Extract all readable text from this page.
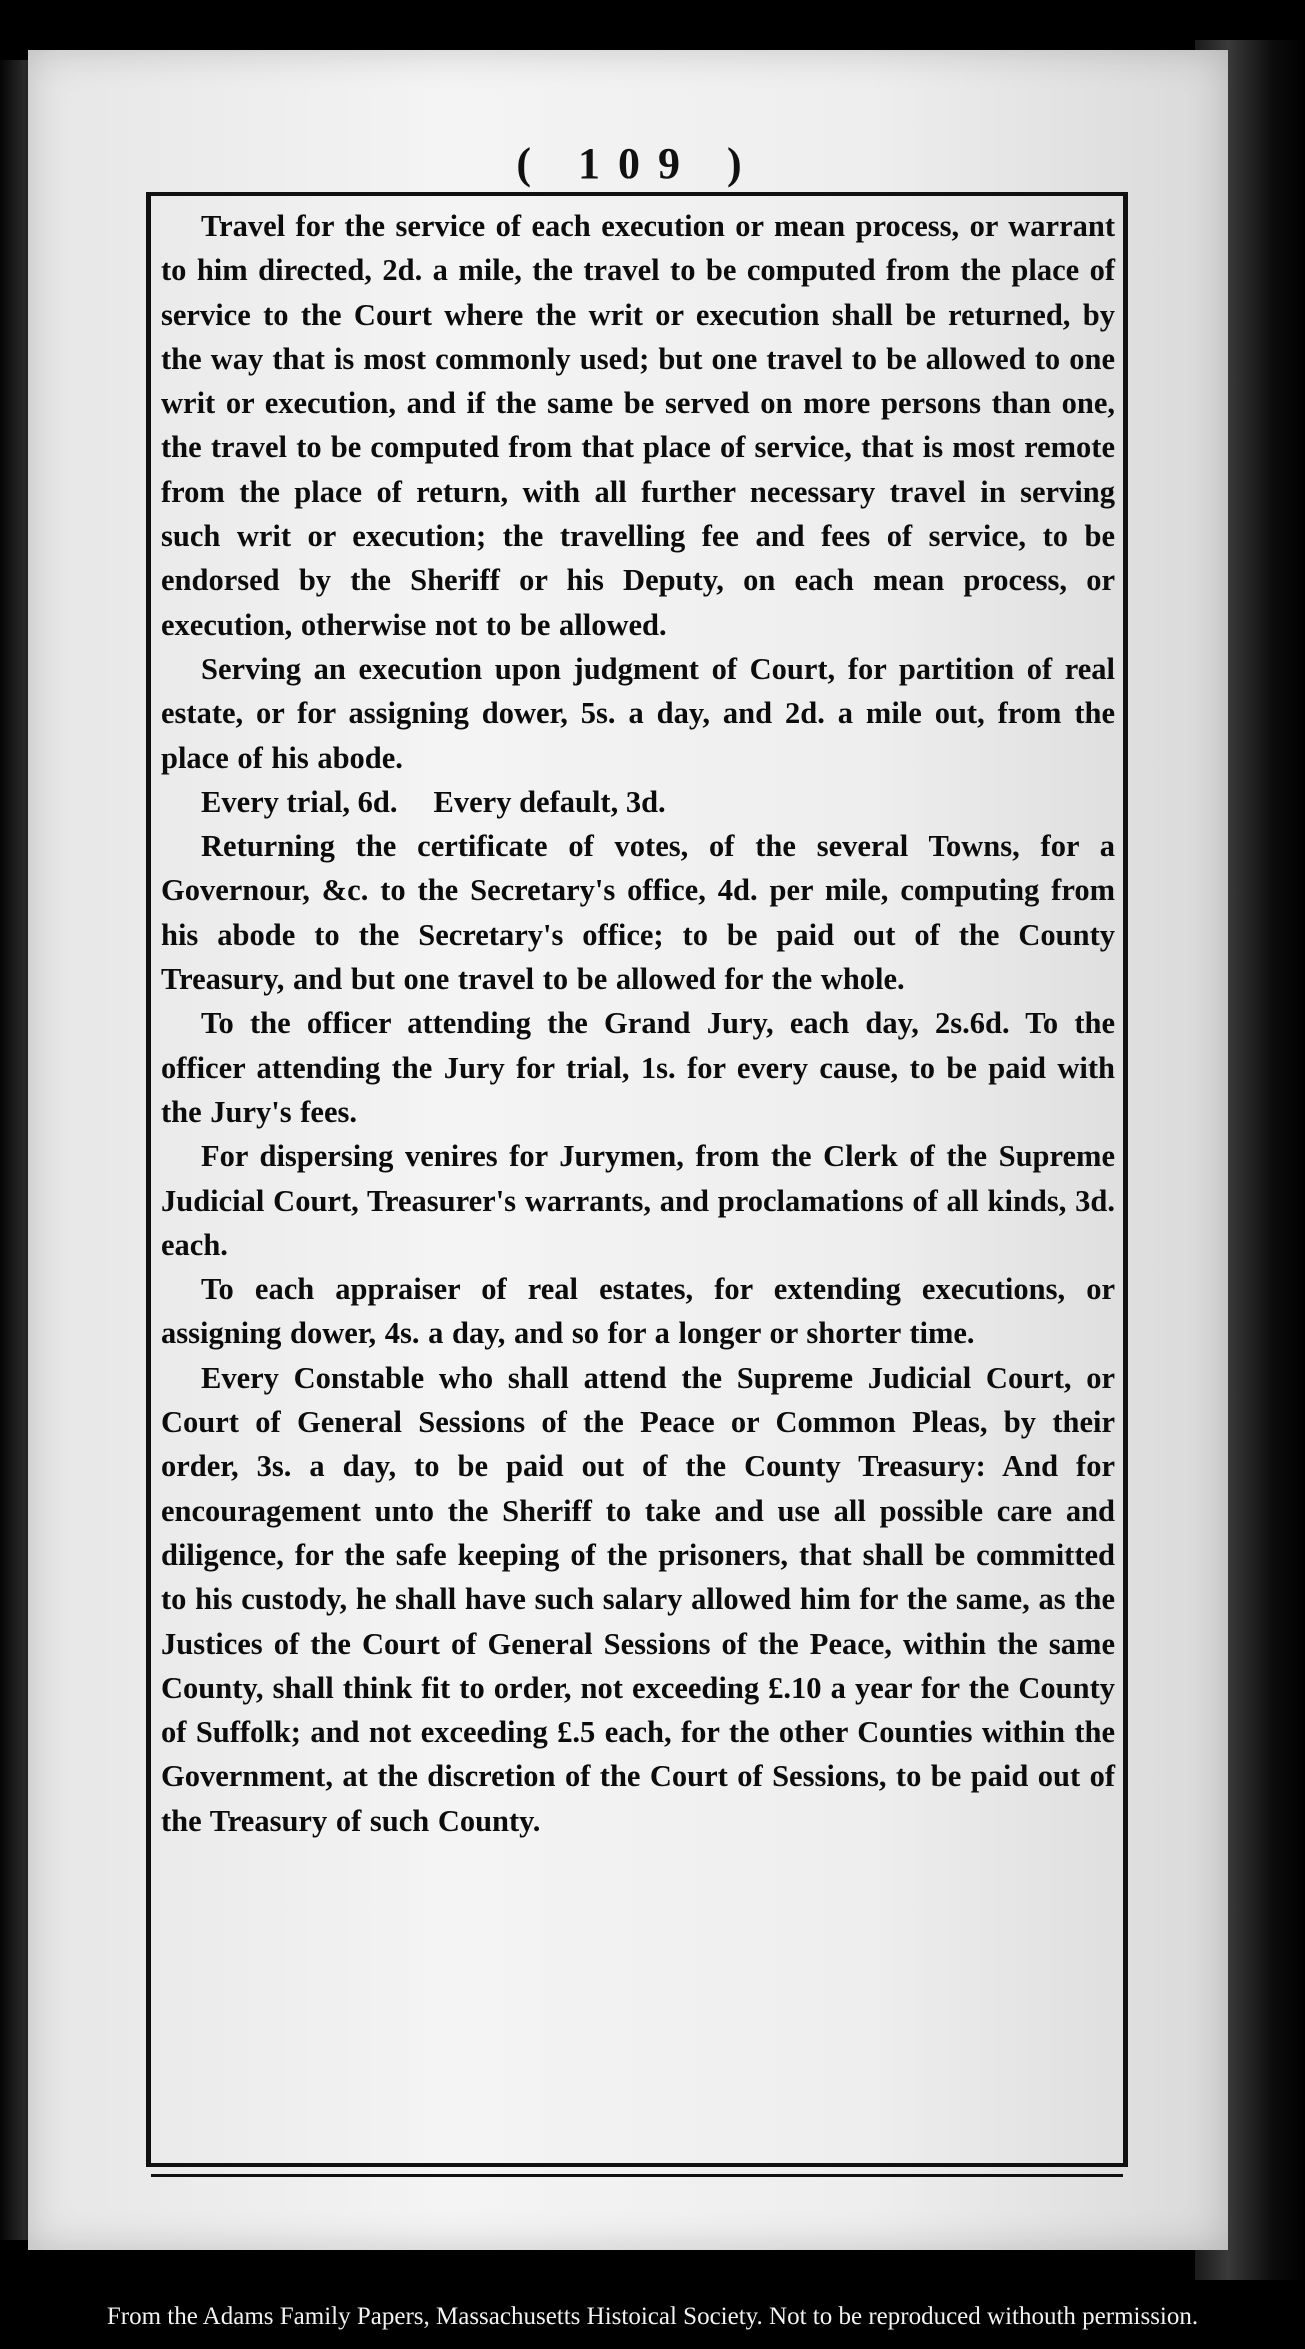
( 109 )

Travel for the service of each execution or mean process, or warrant to him directed, 2d. a mile, the travel to be computed from the place of service to the Court where the writ or execution shall be returned, by the way that is most commonly used; but one travel to be allowed to one writ or execution, and if the same be served on more persons than one, the travel to be computed from that place of service, that is most remote from the place of return, with all further necessary travel in serving such writ or execution; the travelling fee and fees of service, to be endorsed by the Sheriff or his Deputy, on each mean process, or execution, otherwise not to be allowed.

Serving an execution upon judgment of Court, for partition of real estate, or for assigning dower, 5s. a day, and 2d. a mile out, from the place of his abode.

Every trial, 6d. Every default, 3d.

Returning the certificate of votes, of the several Towns, for a Governour, &c. to the Secretary's office, 4d. per mile, computing from his abode to the Secretary's office; to be paid out of the County Treasury, and but one travel to be allowed for the whole.

To the officer attending the Grand Jury, each day, 2s.6d. To the officer attending the Jury for trial, 1s. for every cause, to be paid with the Jury's fees.

For dispersing venires for Jurymen, from the Clerk of the Supreme Judicial Court, Treasurer's warrants, and proclamations of all kinds, 3d. each.

To each appraiser of real estates, for extending executions, or assigning dower, 4s. a day, and so for a longer or shorter time.

Every Constable who shall attend the Supreme Judicial Court, or Court of General Sessions of the Peace or Common Pleas, by their order, 3s. a day, to be paid out of the County Treasury: And for encouragement unto the Sheriff to take and use all possible care and diligence, for the safe keeping of the prisoners, that shall be committed to his custody, he shall have such salary allowed him for the same, as the Justices of the Court of General Sessions of the Peace, within the same County, shall think fit to order, not exceeding £.10 a year for the County of Suffolk; and not exceeding £.5 each, for the other Counties within the Government, at the discretion of the Court of Sessions, to be paid out of the Treasury of such County.

From the Adams Family Papers, Massachusetts Histoical Society. Not to be reproduced withouth permission.
